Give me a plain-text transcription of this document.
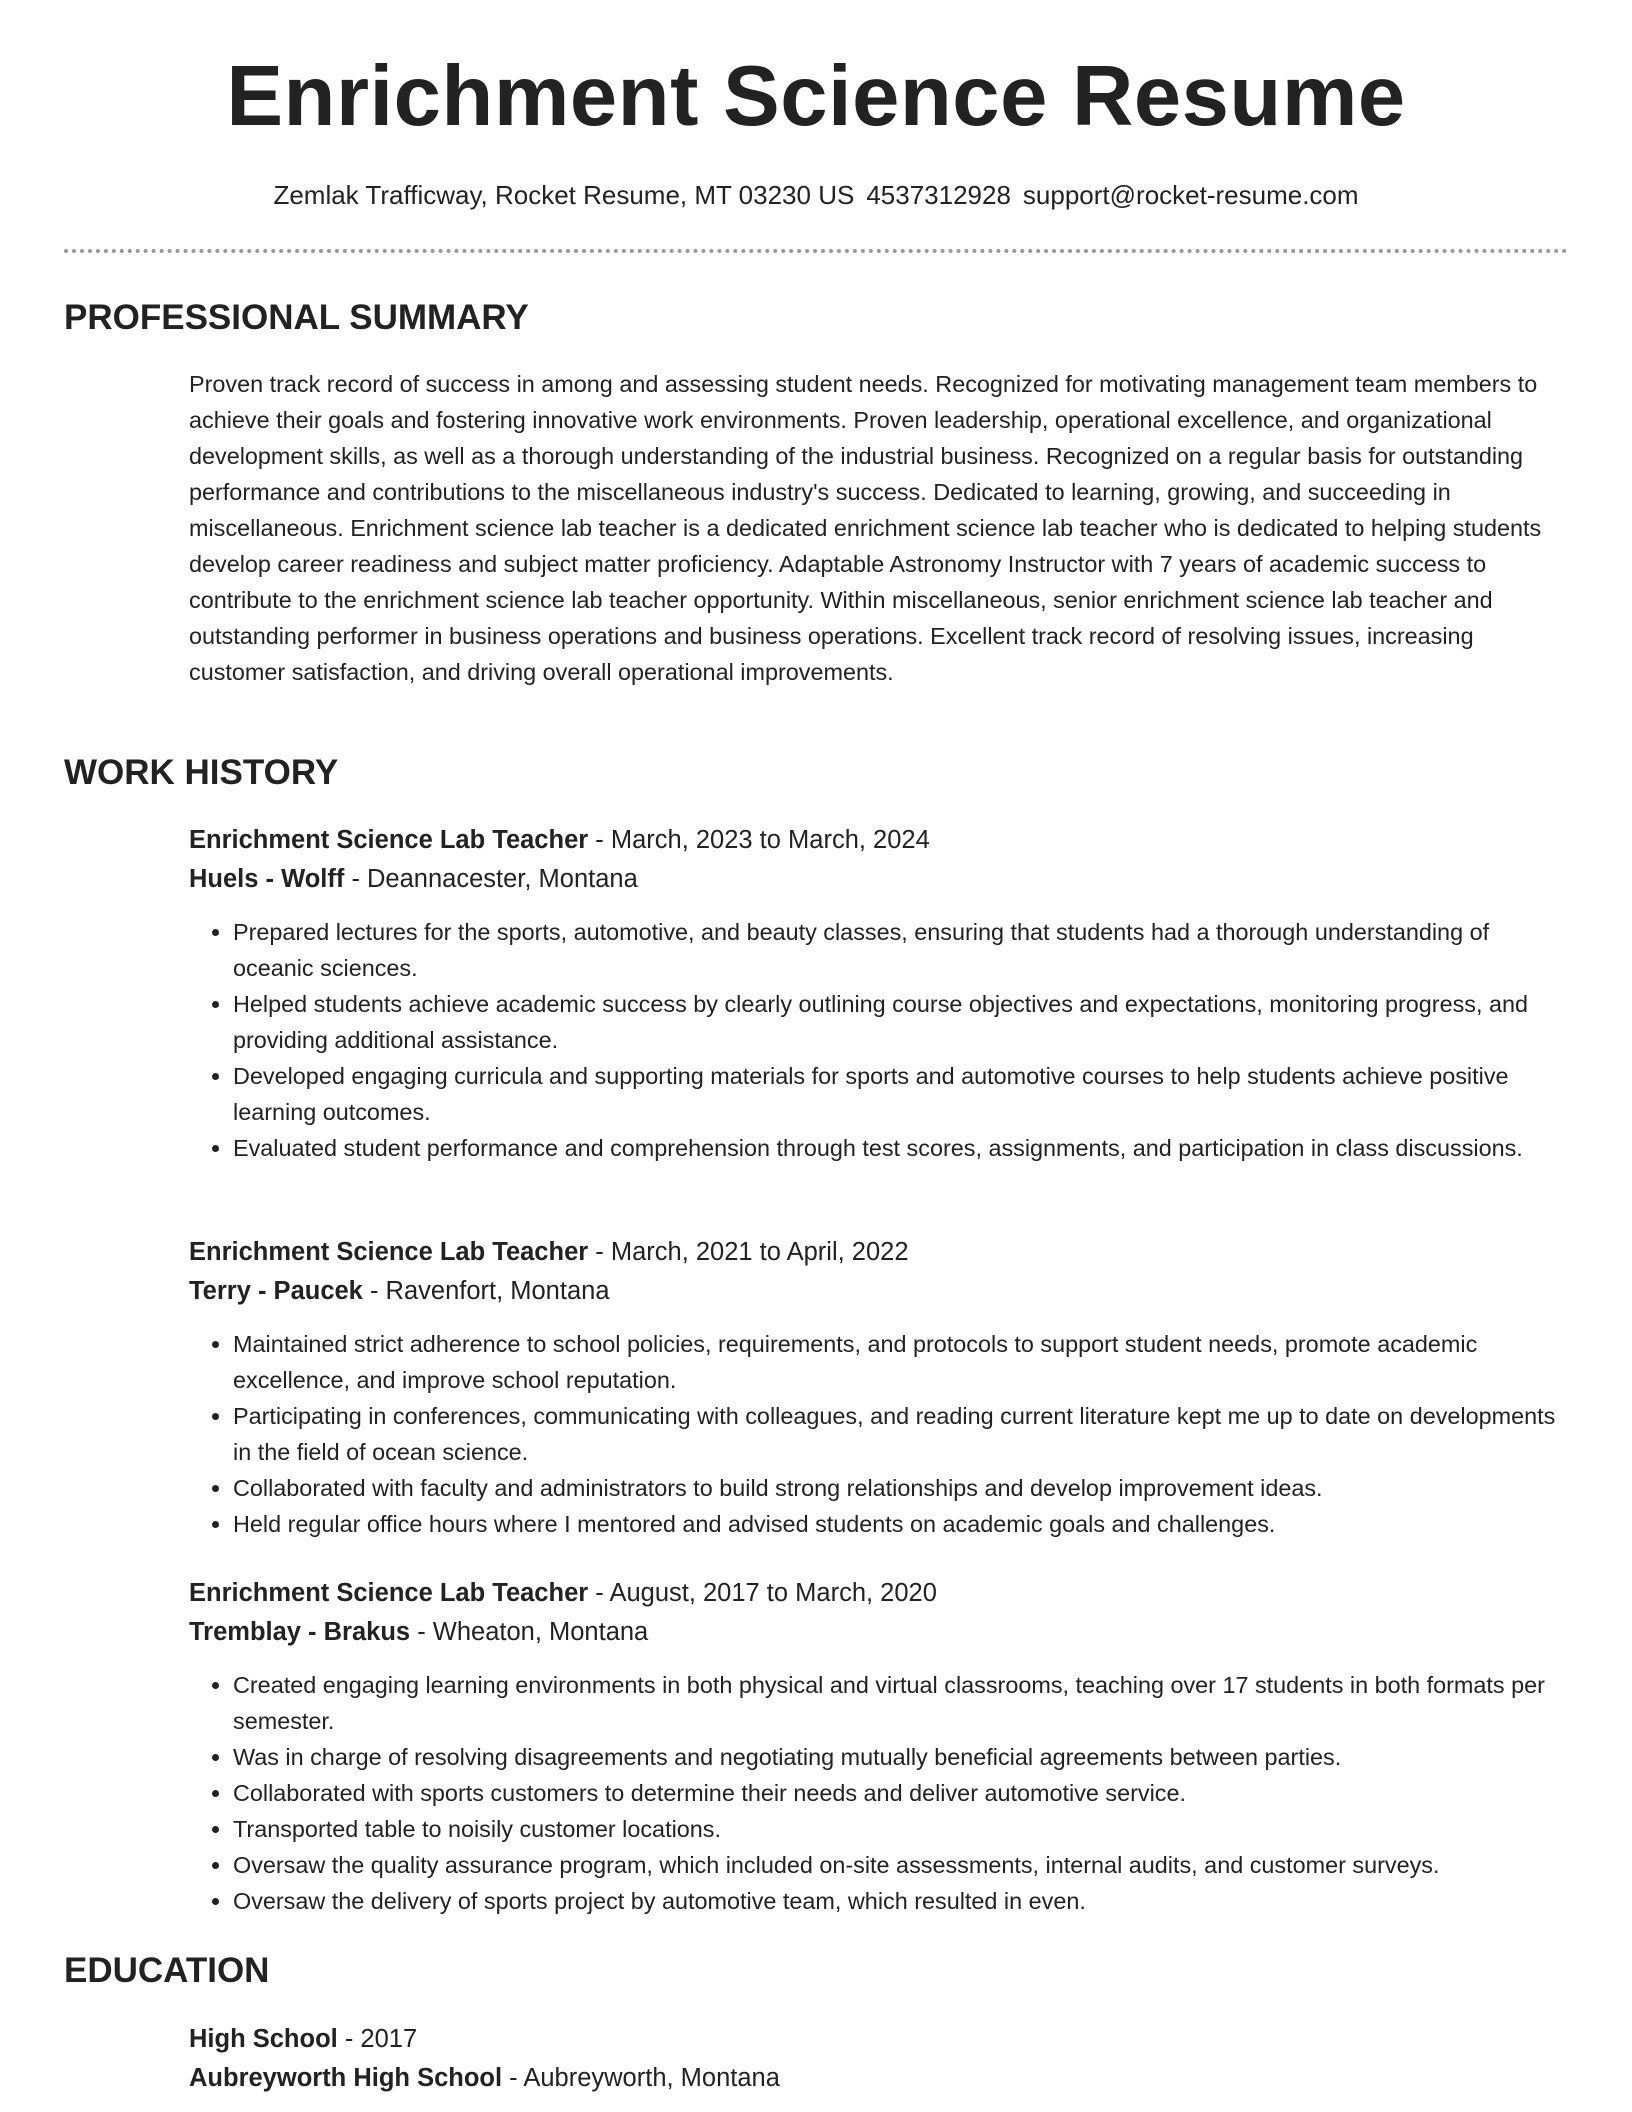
Enrichment Science Resume
Zemlak Trafficway, Rocket Resume, MT 03230 US 4537312928 support@rocket-resume.com
PROFESSIONAL SUMMARY

Proven track record of success in among and assessing student needs. Recognized for motivating management team members to achieve their goals and fostering innovative work environments. Proven leadership, operational excellence, and organizational development skills, as well as a thorough understanding of the industrial business. Recognized on a regular basis for outstanding performance and contributions to the miscellaneous industry's success. Dedicated to learning, growing, and succeeding in miscellaneous. Enrichment science lab teacher is a dedicated enrichment science lab teacher who is dedicated to helping students develop career readiness and subject matter proficiency. Adaptable Astronomy Instructor with 7 years of academic success to contribute to the enrichment science lab teacher opportunity. Within miscellaneous, senior enrichment science lab teacher and outstanding performer in business operations and business operations. Excellent track record of resolving issues, increasing customer satisfaction, and driving overall operational improvements.

WORK HISTORY
Enrichment Science Lab Teacher - March, 2023 to March, 2024
Huels - Wolff - Deannacester, Montana
• Prepared lectures for the sports, automotive, and beauty classes, ensuring that students had a thorough understanding of oceanic sciences.
• Helped students achieve academic success by clearly outlining course objectives and expectations, monitoring progress, and providing additional assistance.
• Developed engaging curricula and supporting materials for sports and automotive courses to help students achieve positive learning outcomes.
• Evaluated student performance and comprehension through test scores, assignments, and participation in class discussions.
Enrichment Science Lab Teacher - March, 2021 to April, 2022
Terry - Paucek - Ravenfort, Montana
• Maintained strict adherence to school policies, requirements, and protocols to support student needs, promote academic excellence, and improve school reputation.
• Participating in conferences, communicating with colleagues, and reading current literature kept me up to date on developments in the field of ocean science.
• Collaborated with faculty and administrators to build strong relationships and develop improvement ideas.
• Held regular office hours where I mentored and advised students on academic goals and challenges.
Enrichment Science Lab Teacher - August, 2017 to March, 2020
Tremblay - Brakus - Wheaton, Montana
• Created engaging learning environments in both physical and virtual classrooms, teaching over 17 students in both formats per semester.
• Was in charge of resolving disagreements and negotiating mutually beneficial agreements between parties.
• Collaborated with sports customers to determine their needs and deliver automotive service.
• Transported table to noisily customer locations.
• Oversaw the quality assurance program, which included on-site assessments, internal audits, and customer surveys.
• Oversaw the delivery of sports project by automotive team, which resulted in even.
EDUCATION
High School - 2017
Aubreyworth High School - Aubreyworth, Montana
